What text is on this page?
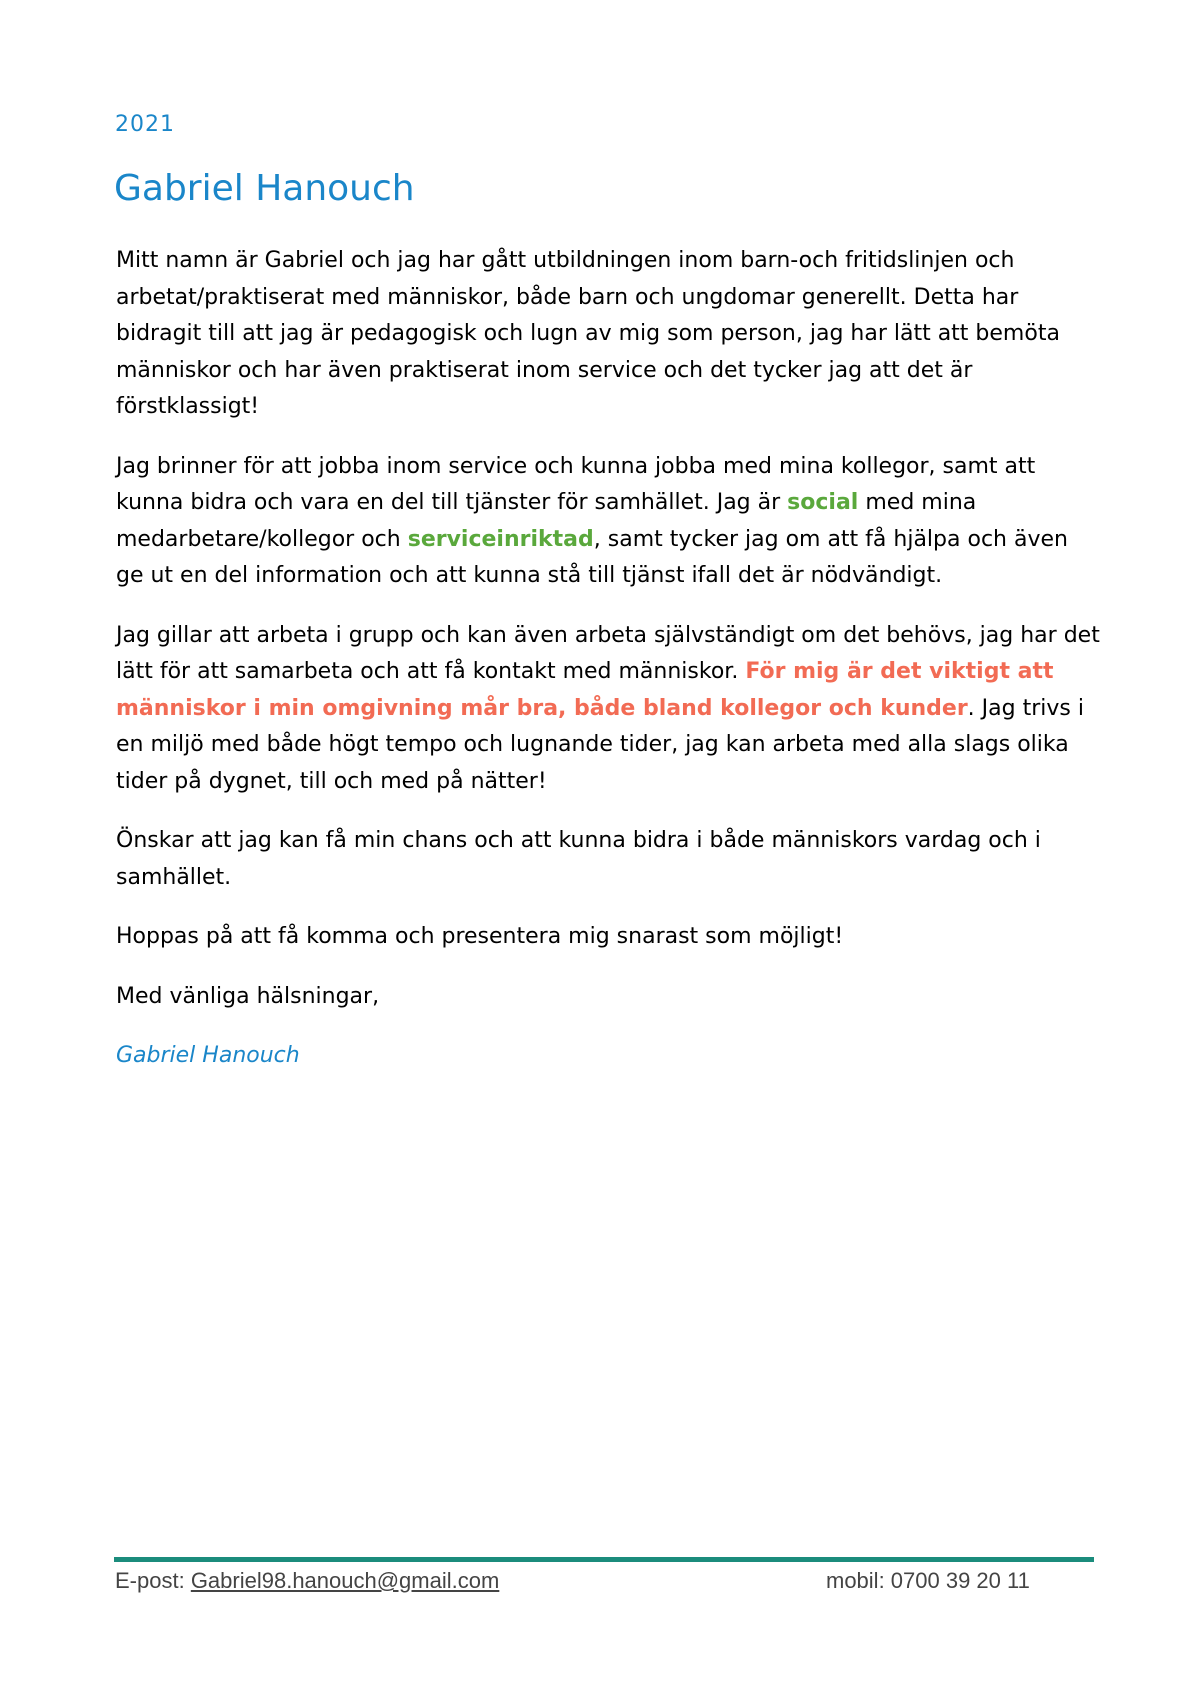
2021
Gabriel Hanouch

Mitt namn är Gabriel och jag har gått utbildningen inom barn-och fritidslinjen och arbetat/praktiserat med människor, både barn och ungdomar generellt. Detta har bidragit till att jag är pedagogisk och lugn av mig som person, jag har lätt att bemöta människor och har även praktiserat inom service och det tycker jag att det är förstklassigt!

Jag brinner för att jobba inom service och kunna jobba med mina kollegor, samt att kunna bidra och vara en del till tjänster för samhället. Jag är social med mina medarbetare/kollegor och serviceinriktad, samt tycker jag om att få hjälpa och även ge ut en del information och att kunna stå till tjänst ifall det är nödvändigt.

Jag gillar att arbeta i grupp och kan även arbeta självständigt om det behövs, jag har det lätt för att samarbeta och att få kontakt med människor. För mig är det viktigt att människor i min omgivning mår bra, både bland kollegor och kunder. Jag trivs i en miljö med både högt tempo och lugnande tider, jag kan arbeta med alla slags olika tider på dygnet, till och med på nätter!

Önskar att jag kan få min chans och att kunna bidra i både människors vardag och i samhället.

Hoppas på att få komma och presentera mig snarast som möjligt!

Med vänliga hälsningar,

Gabriel Hanouch

E-post: Gabriel98.hanouch@gmail.com	mobil: 0700 39 20 11
